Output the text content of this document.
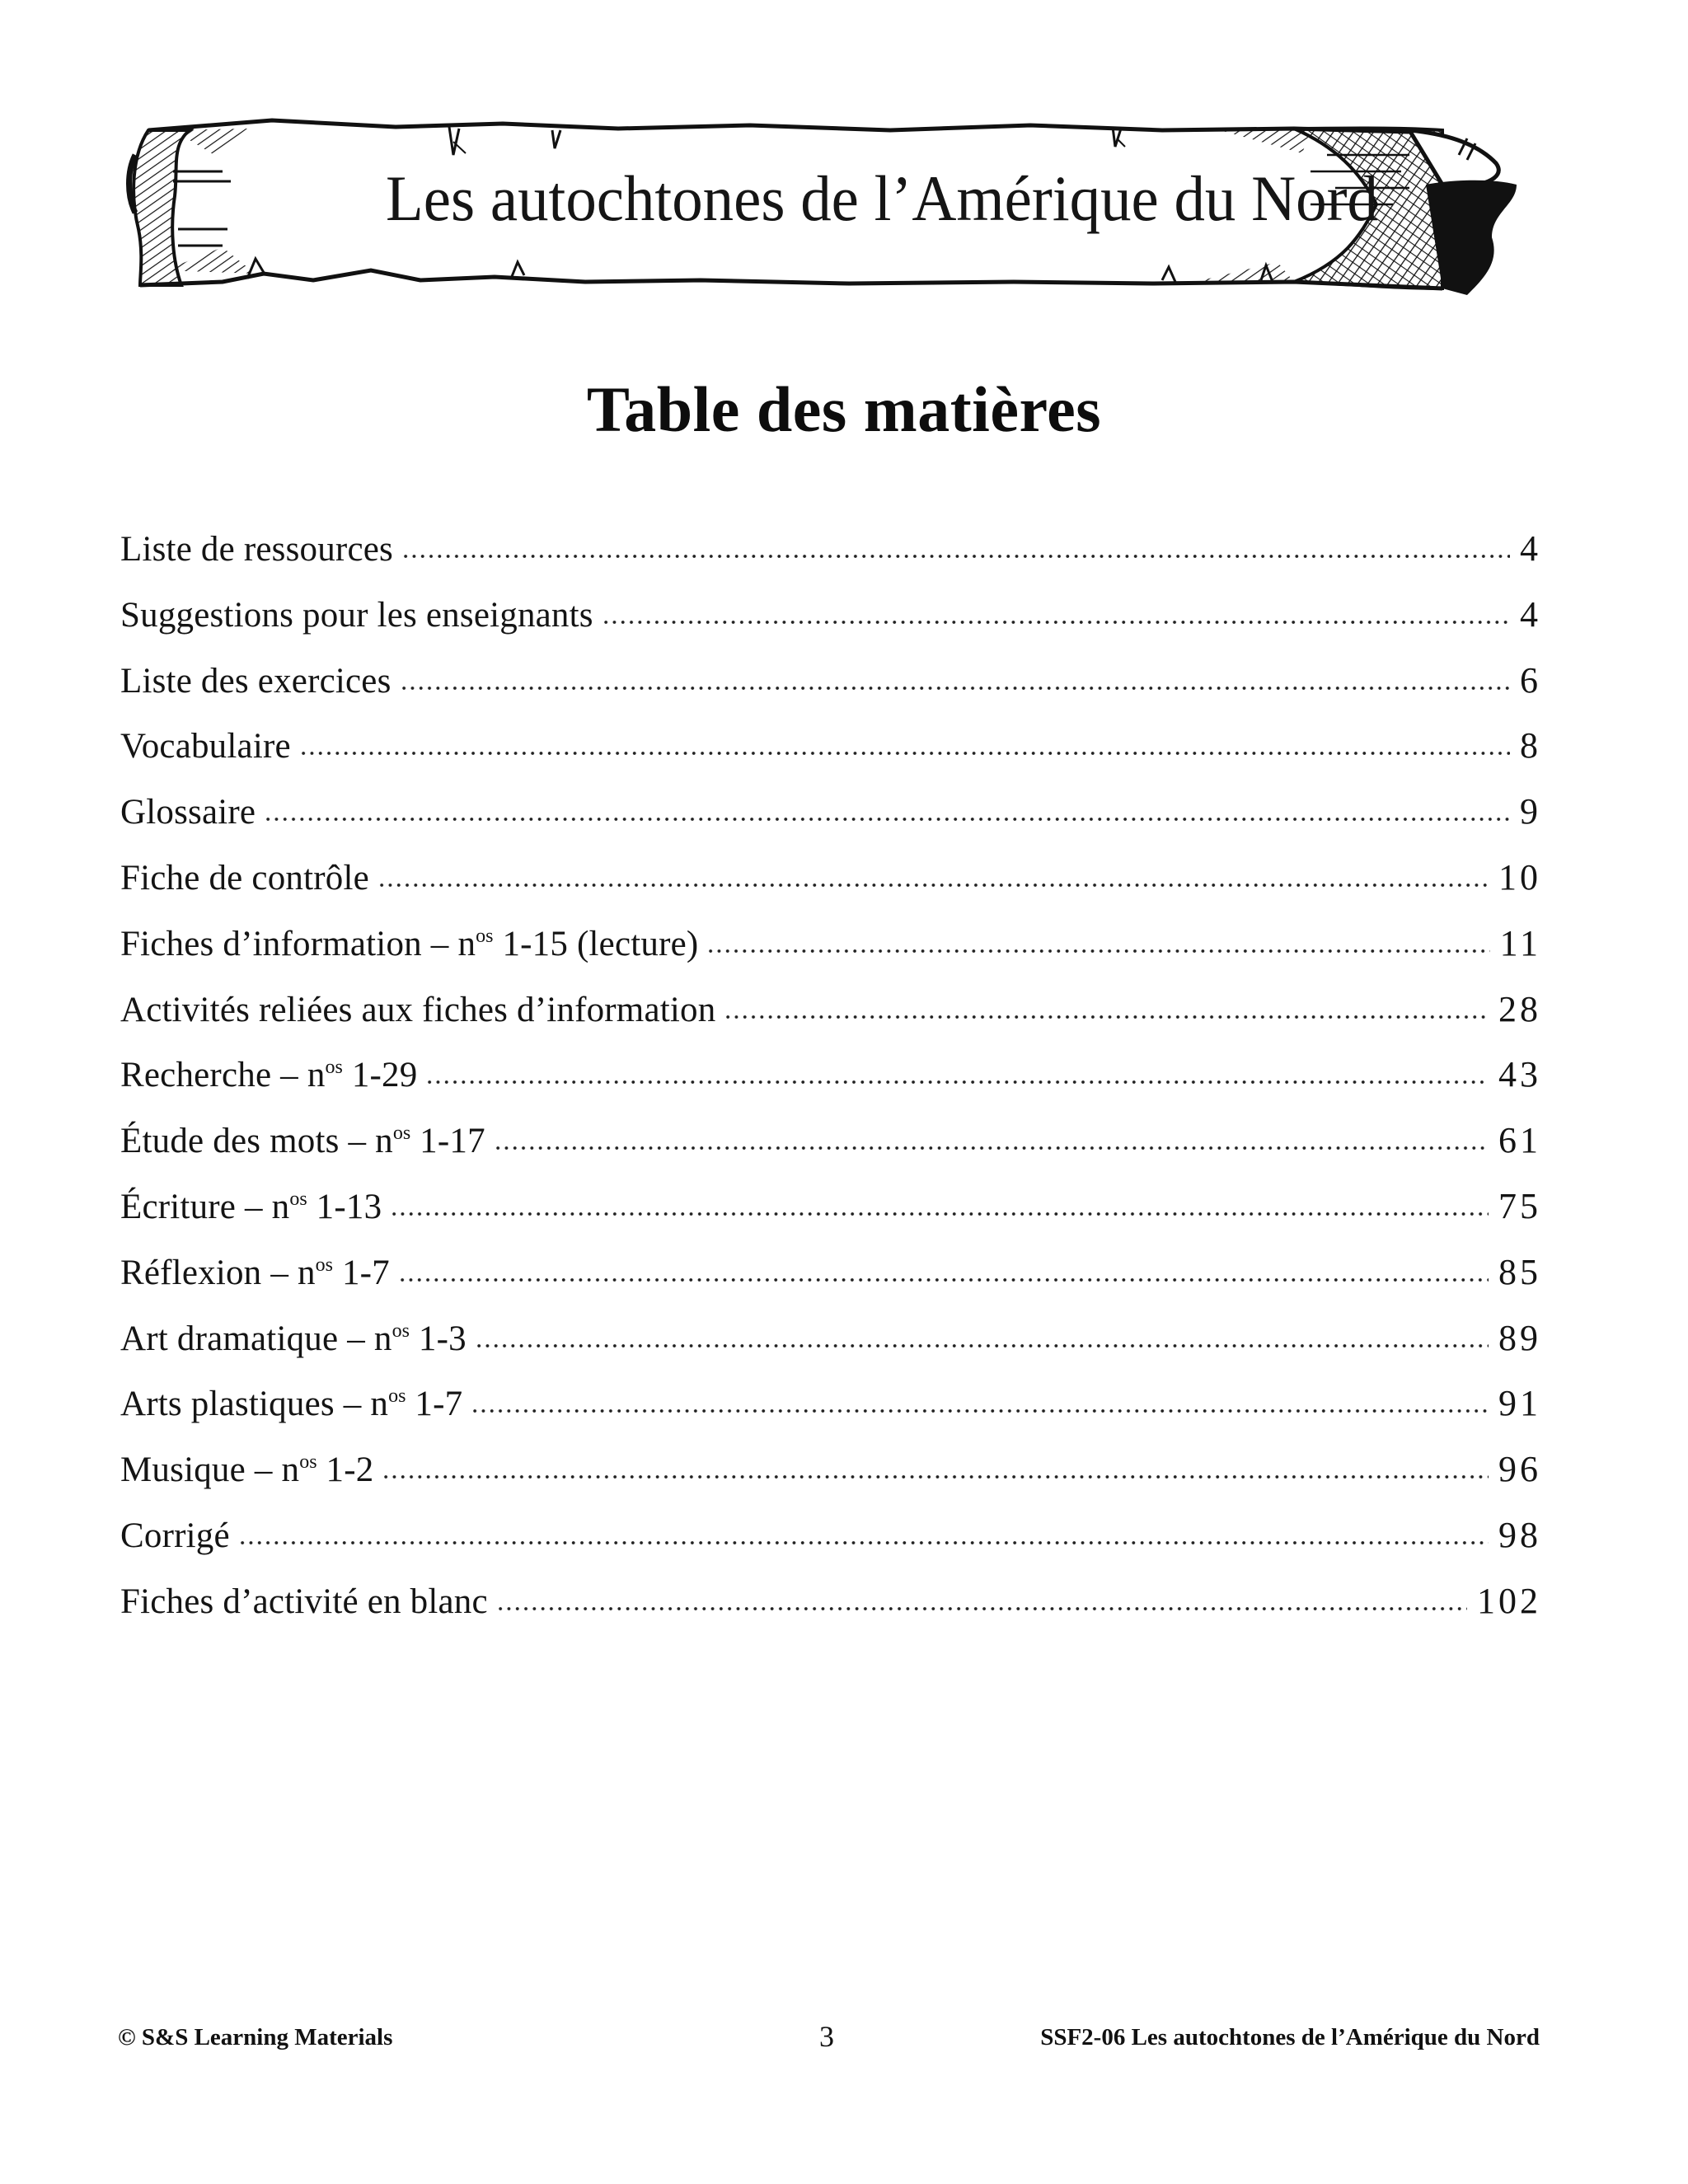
Les autochtones de l’Amérique du Nord
Table des matières
Liste de ressources	4
Suggestions pour les enseignants	4
Liste des exercices	6
Vocabulaire	8
Glossaire	9
Fiche de contrôle	10
Fiches d’information – $n^{os}$ 1-15 (lecture)	11
Activités reliées aux fiches d’information	28
Recherche – $n^{os}$ 1-29	43
Étude des mots – $n^{os}$ 1-17	61
Écriture – $n^{os}$ 1-13	75
Réflexion – $n^{os}$ 1-7	85
Art dramatique – $n^{os}$ 1-3	89
Arts plastiques – $n^{os}$ 1-7	91
Musique – $n^{os}$ 1-2	96
Corrigé	98
Fiches d’activité en blanc	102
© S&S Learning Materials	3	SSF2-06 Les autochtones de l’Amérique du Nord
